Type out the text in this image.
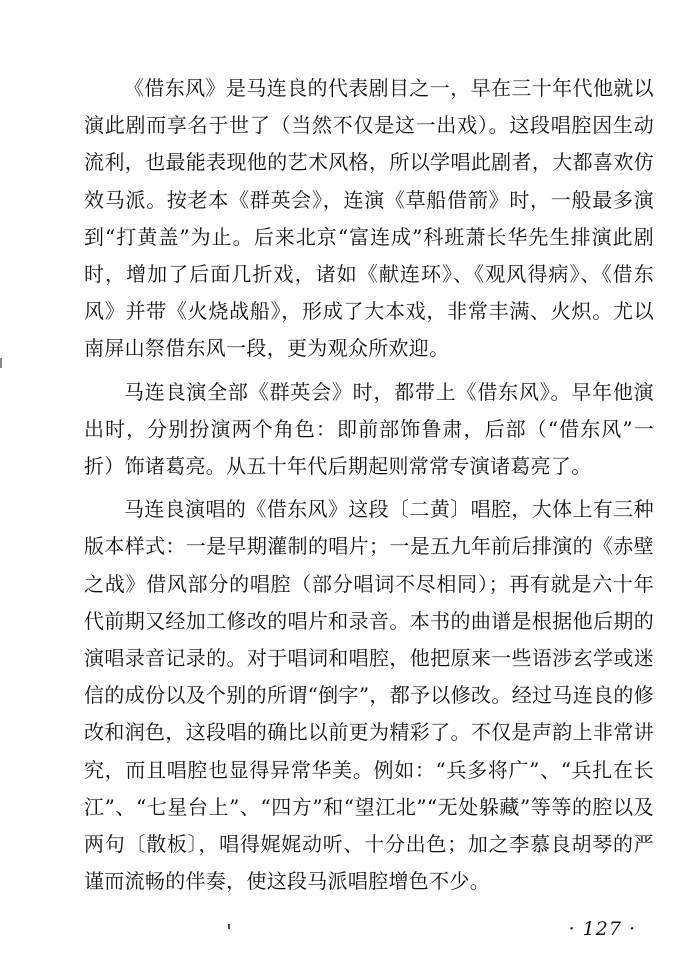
《借东风》是马连良的代表剧目之一，早在三十年代他就以演此剧而享名于世了（当然不仅是这一出戏）。这段唱腔因生动流利，也最能表现他的艺术风格，所以学唱此剧者，大都喜欢仿效马派。按老本《群英会》，连演《草船借箭》时，一般最多演到“打黄盖”为止。后来北京“富连成”科班萧长华先生排演此剧时，增加了后面几折戏，诸如《献连环》、《观风得病》、《借东风》并带《火烧战船》，形成了大本戏，非常丰满、火炽。尤以南屏山祭借东风一段，更为观众所欢迎。

马连良演全部《群英会》时，都带上《借东风》。早年他演出时，分别扮演两个角色：即前部饰鲁肃，后部（“借东风”一折）饰诸葛亮。从五十年代后期起则常常专演诸葛亮了。

马连良演唱的《借东风》这段〔二黄〕唱腔，大体上有三种版本样式：一是早期灌制的唱片；一是五九年前后排演的《赤壁之战》借风部分的唱腔（部分唱词不尽相同）；再有就是六十年代前期又经加工修改的唱片和录音。本书的曲谱是根据他后期的演唱录音记录的。对于唱词和唱腔，他把原来一些语涉玄学或迷信的成份以及个别的所谓“倒字”，都予以修改。经过马连良的修改和润色，这段唱的确比以前更为精彩了。不仅是声韵上非常讲究，而且唱腔也显得异常华美。例如：“兵多将广”、“兵扎在长江”、“七星台上”、“四方”和“望江北”“无处躲藏”等等的腔以及两句〔散板〕，唱得娓娓动听、十分出色；加之李慕良胡琴的严谨而流畅的伴奏，使这段马派唱腔增色不少。

· 127 ·
